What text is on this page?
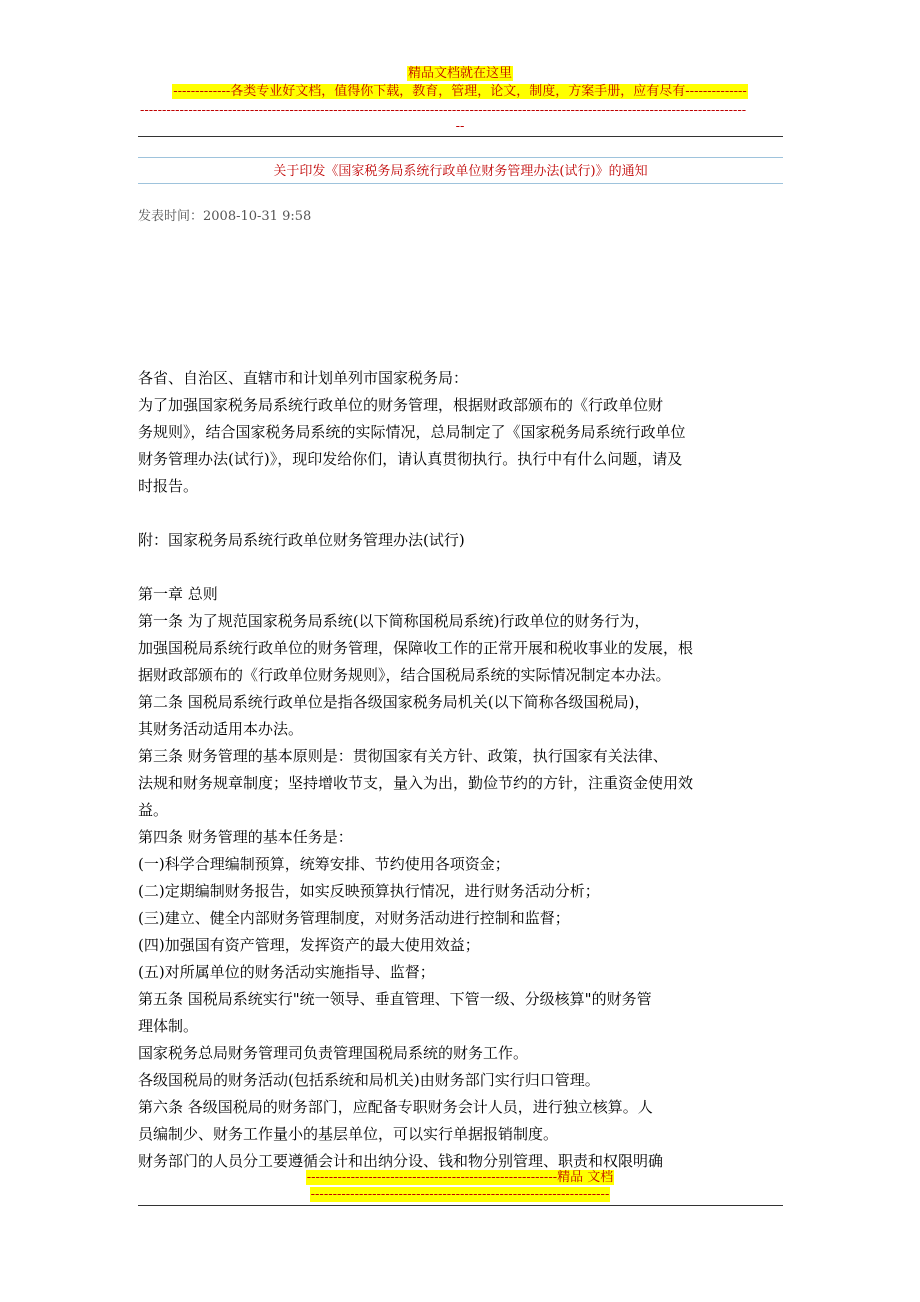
精品文档就在这里
-------------各类专业好文档，值得你下载，教育，管理，论文，制度，方案手册，应有尽有--------------
------------------------------------------------------------------------------------------------------------------------------------------
--
关于印发《国家税务局系统行政单位财务管理办法(试行)》的通知
发表时间：2008-10-31 9:58
各省、自治区、直辖市和计划单列市国家税务局：
为了加强国家税务局系统行政单位的财务管理，根据财政部颁布的《行政单位财
务规则》，结合国家税务局系统的实际情况，总局制定了《国家税务局系统行政单位
财务管理办法(试行)》，现印发给你们，请认真贯彻执行。执行中有什么问题，请及
时报告。
附：国家税务局系统行政单位财务管理办法(试行)
第一章 总则
第一条 为了规范国家税务局系统(以下简称国税局系统)行政单位的财务行为，
加强国税局系统行政单位的财务管理，保障收工作的正常开展和税收事业的发展，根
据财政部颁布的《行政单位财务规则》，结合国税局系统的实际情况制定本办法。
第二条 国税局系统行政单位是指各级国家税务局机关(以下简称各级国税局)，
其财务活动适用本办法。
第三条 财务管理的基本原则是：贯彻国家有关方针、政策，执行国家有关法律、
法规和财务规章制度；坚持增收节支，量入为出，勤俭节约的方针，注重资金使用效
益。
第四条 财务管理的基本任务是：
(一)科学合理编制预算，统筹安排、节约使用各项资金；
(二)定期编制财务报告，如实反映预算执行情况，进行财务活动分析；
(三)建立、健全内部财务管理制度，对财务活动进行控制和监督；
(四)加强国有资产管理，发挥资产的最大使用效益；
(五)对所属单位的财务活动实施指导、监督；
第五条 国税局系统实行"统一领导、垂直管理、下管一级、分级核算"的财务管
理体制。
国家税务总局财务管理司负责管理国税局系统的财务工作。
各级国税局的财务活动(包括系统和局机关)由财务部门实行归口管理。
第六条 各级国税局的财务部门，应配备专职财务会计人员，进行独立核算。人
员编制少、财务工作量小的基层单位，可以实行单据报销制度。
财务部门的人员分工要遵循会计和出纳分设、钱和物分别管理、职责和权限明确
---------------------------------------------------------精品 文档
--------------------------------------------------------------------
